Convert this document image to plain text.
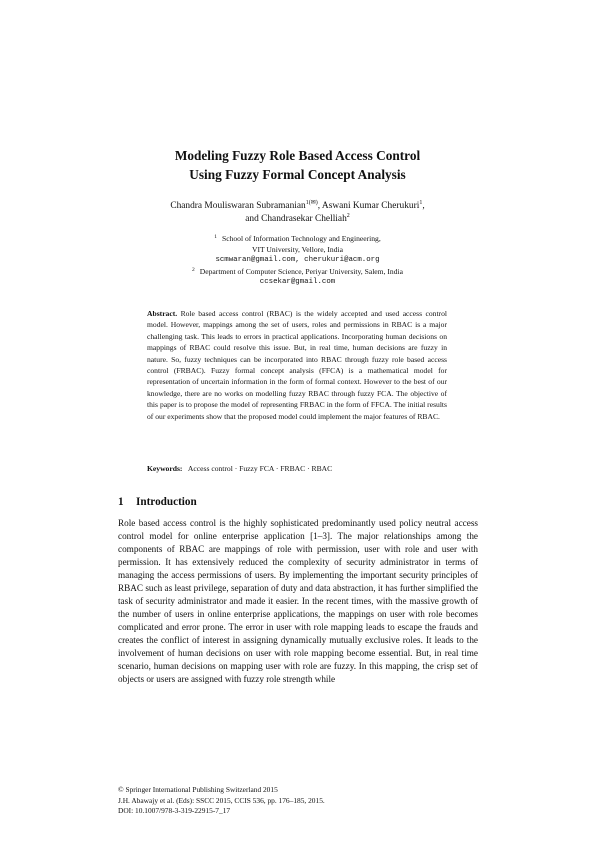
Modeling Fuzzy Role Based Access Control
Using Fuzzy Formal Concept Analysis
Chandra Mouliswaran Subramanian$^{1(✉)}$, Aswani Kumar Cherukuri$^1$,
and Chandrasekar Chelliah$^2$
$^1$ School of Information Technology and Engineering,
VIT University, Vellore, India
scmwaran@gmail.com, cherukuri@acm.org
$^2$ Department of Computer Science, Periyar University, Salem, India
ccsekar@gmail.com
Abstract. Role based access control (RBAC) is the widely accepted and used access control model. However, mappings among the set of users, roles and permissions in RBAC is a major challenging task. This leads to errors in practical applications. Incorporating human decisions on mappings of RBAC could resolve this issue. But, in real time, human decisions are fuzzy in nature. So, fuzzy techniques can be incorporated into RBAC through fuzzy role based access control (FRBAC). Fuzzy formal concept analysis (FFCA) is a mathematical model for representation of uncertain information in the form of formal context. However to the best of our knowledge, there are no works on modelling fuzzy RBAC through fuzzy FCA. The objective of this paper is to propose the model of representing FRBAC in the form of FFCA. The initial results of our experiments show that the proposed model could implement the major features of RBAC.
Keywords: Access control · Fuzzy FCA · FRBAC · RBAC
1 Introduction

Role based access control is the highly sophisticated predominantly used policy neutral access control model for online enterprise application [1–3]. The major relationships among the components of RBAC are mappings of role with permission, user with role and user with permission. It has extensively reduced the complexity of security administrator in terms of managing the access permissions of users. By implementing the important security principles of RBAC such as least privilege, separation of duty and data abstraction, it has further simplified the task of security administrator and made it easier. In the recent times, with the massive growth of the number of users in online enterprise applications, the mappings on user with role becomes complicated and error prone. The error in user with role mapping leads to escape the frauds and creates the conflict of interest in assigning dynamically mutually exclusive roles. It leads to the involvement of human decisions on user with role mapping become essential. But, in real time scenario, human decisions on mapping user with role are fuzzy. In this mapping, the crisp set of objects or users are assigned with fuzzy role strength while

© Springer International Publishing Switzerland 2015
J.H. Abawajy et al. (Eds): SSCC 2015, CCIS 536, pp. 176–185, 2015.
DOI: 10.1007/978-3-319-22915-7_17
